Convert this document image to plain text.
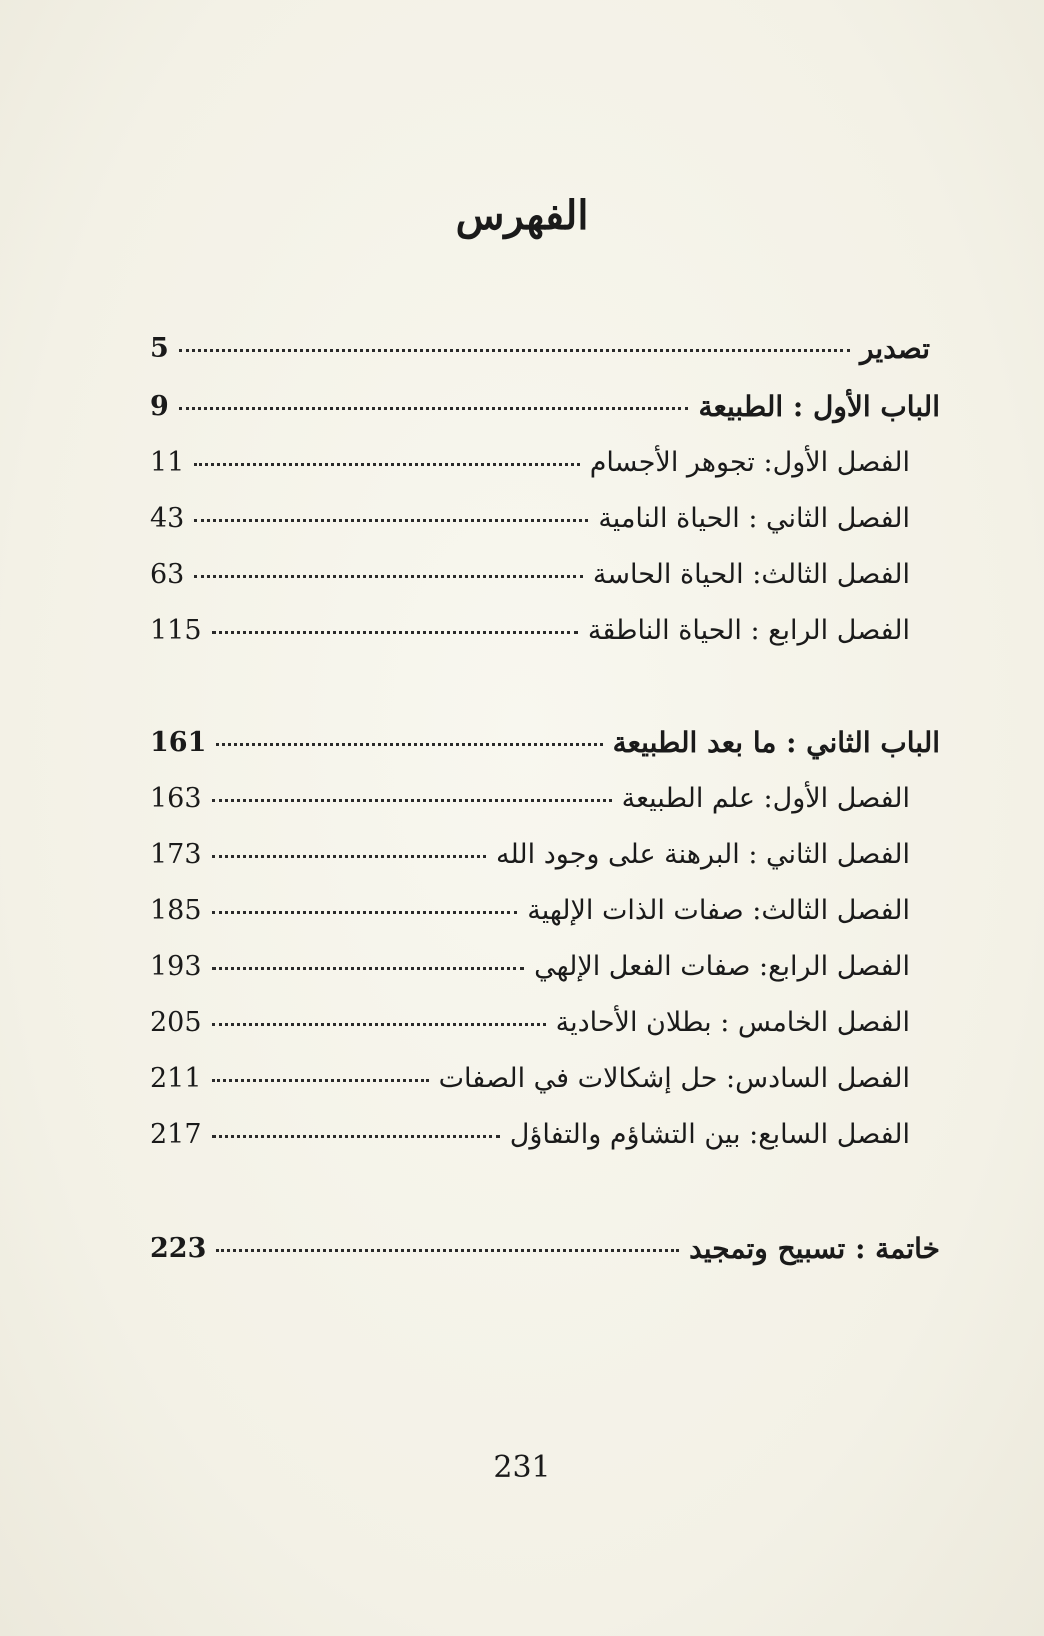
الفهرس
تصدير
5
الباب الأول : الطبيعة
9
الفصل الأول: تجوهر الأجسام
11
الفصل الثاني : الحياة النامية
43
الفصل الثالث: الحياة الحاسة
63
الفصل الرابع : الحياة الناطقة
115
الباب الثاني : ما بعد الطبيعة
161
الفصل الأول: علم الطبيعة
163
الفصل الثاني : البرهنة على وجود الله
173
الفصل الثالث: صفات الذات الإلهية
185
الفصل الرابع: صفات الفعل الإلهي
193
الفصل الخامس : بطلان الأحادية
205
الفصل السادس: حل إشكالات في الصفات
211
الفصل السابع: بين التشاؤم والتفاؤل
217
خاتمة : تسبيح وتمجيد
223
231
